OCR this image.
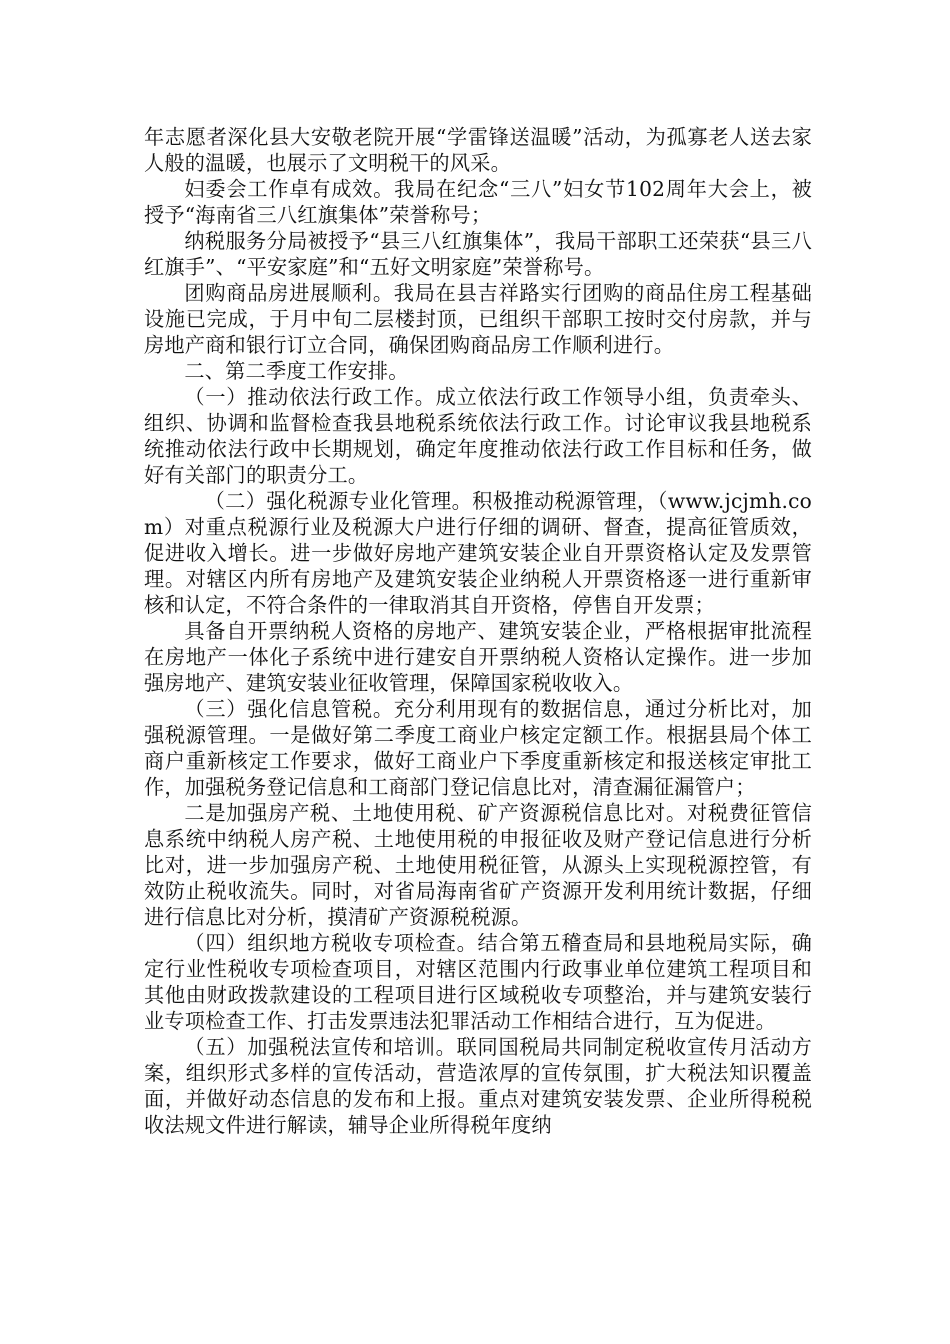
年志愿者深化县大安敬老院开展“学雷锋送温暖”活动，为孤寡老人送去家人般的温暖，也展示了文明税干的风采。

妇委会工作卓有成效。我局在纪念“三八”妇女节102周年大会上，被授予“海南省三八红旗集体”荣誉称号；

纳税服务分局被授予“县三八红旗集体”，我局干部职工还荣获“县三八红旗手”、“平安家庭”和“五好文明家庭”荣誉称号。

团购商品房进展顺利。我局在县吉祥路实行团购的商品住房工程基础设施已完成，于月中旬二层楼封顶，已组织干部职工按时交付房款，并与房地产商和银行订立合同，确保团购商品房工作顺利进行。

二、第二季度工作安排。

（一）推动依法行政工作。成立依法行政工作领导小组，负责牵头、组织、协调和监督检查我县地税系统依法行政工作。讨论审议我县地税系统推动依法行政中长期规划，确定年度推动依法行政工作目标和任务，做好有关部门的职责分工。

（二）强化税源专业化管理。积极推动税源管理，（www.jcjmh.com）对重点税源行业及税源大户进行仔细的调研、督查，提高征管质效，促进收入增长。进一步做好房地产建筑安装企业自开票资格认定及发票管理。对辖区内所有房地产及建筑安装企业纳税人开票资格逐一进行重新审核和认定，不符合条件的一律取消其自开资格，停售自开发票；

具备自开票纳税人资格的房地产、建筑安装企业，严格根据审批流程在房地产一体化子系统中进行建安自开票纳税人资格认定操作。进一步加强房地产、建筑安装业征收管理，保障国家税收收入。

（三）强化信息管税。充分利用现有的数据信息，通过分析比对，加强税源管理。一是做好第二季度工商业户核定定额工作。根据县局个体工商户重新核定工作要求，做好工商业户下季度重新核定和报送核定审批工作，加强税务登记信息和工商部门登记信息比对，清查漏征漏管户；

二是加强房产税、土地使用税、矿产资源税信息比对。对税费征管信息系统中纳税人房产税、土地使用税的申报征收及财产登记信息进行分析比对，进一步加强房产税、土地使用税征管，从源头上实现税源控管，有效防止税收流失。同时，对省局海南省矿产资源开发利用统计数据，仔细进行信息比对分析，摸清矿产资源税税源。

（四）组织地方税收专项检查。结合第五稽查局和县地税局实际，确定行业性税收专项检查项目，对辖区范围内行政事业单位建筑工程项目和其他由财政拨款建设的工程项目进行区域税收专项整治，并与建筑安装行业专项检查工作、打击发票违法犯罪活动工作相结合进行，互为促进。

（五）加强税法宣传和培训。联同国税局共同制定税收宣传月活动方案，组织形式多样的宣传活动，营造浓厚的宣传氛围，扩大税法知识覆盖面，并做好动态信息的发布和上报。重点对建筑安装发票、企业所得税税收法规文件进行解读，辅导企业所得税年度纳
